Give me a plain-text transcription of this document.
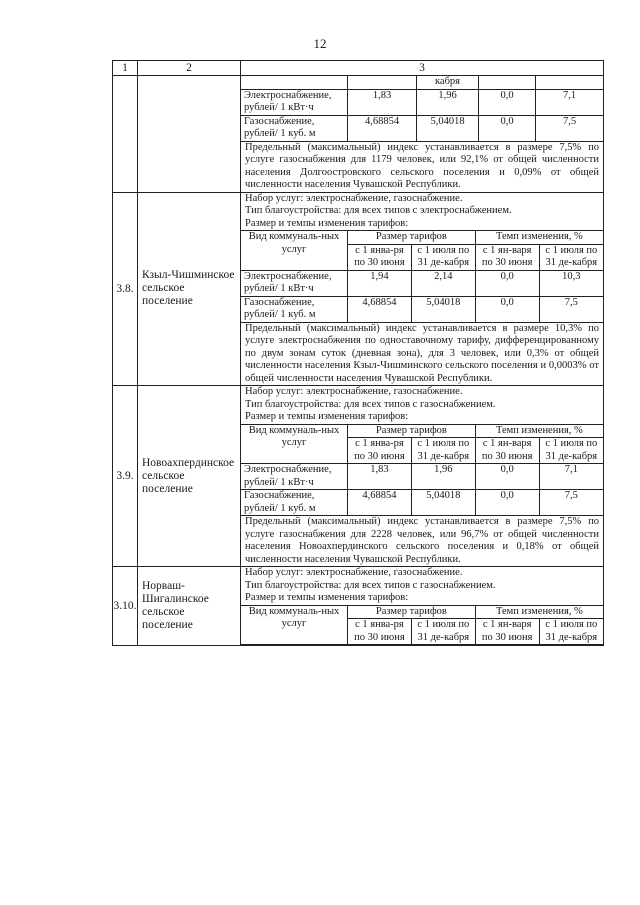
12
1	2	3

		кабря		
Электроснабжение, рублей/ 1 кВт·ч	1,83	1,96	0,0	7,1
Газоснабжение, рублей/ 1 куб. м	4,68854	5,04018	0,0	7,5
Предельный (максимальный) индекс устанавливается в размере 7,5% по услуге газоснабжения для 1179 человек, или 92,1% от общей численности населения Долгоостровского сельского поселения и 0,09% от общей численности населения Чувашской Республики.

3.8.	Кзыл-Чишминское сельское поселение	
Набор услуг: электроснабжение, газоснабжение.
Тип благоустройства: для всех типов с электроснабжением.
Размер и темпы изменения тарифов:
Вид коммуналь-ных услуг	Размер тарифов	Темп изменения, %
с 1 янва-ря по 30 июня	с 1 июля по 31 де-кабря	с 1 ян-варя по 30 июня	с 1 июля по 31 де-кабря
Электроснабжение, рублей/ 1 кВт·ч	1,94	2,14	0,0	10,3
Газоснабжение, рублей/ 1 куб. м	4,68854	5,04018	0,0	7,5
Предельный (максимальный) индекс устанавливается в размере 10,3% по услуге электроснабжения по одноставочному тарифу, дифференцированному по двум зонам суток (дневная зона), для 3 человек, или 0,3% от общей численности населения Кзыл-Чишминского сельского поселения и 0,0003% от общей численности населения Чувашской Республики.

3.9.	Новоахпердинское сельское поселение	
Набор услуг: электроснабжение, газоснабжение.
Тип благоустройства: для всех типов с газоснабжением.
Размер и темпы изменения тарифов:
Вид коммуналь-ных услуг	Размер тарифов	Темп изменения, %
с 1 янва-ря по 30 июня	с 1 июля по 31 де-кабря	с 1 ян-варя по 30 июня	с 1 июля по 31 де-кабря
Электроснабжение, рублей/ 1 кВт·ч	1,83	1,96	0,0	7,1
Газоснабжение, рублей/ 1 куб. м	4,68854	5,04018	0,0	7,5
Предельный (максимальный) индекс устанавливается в размере 7,5% по услуге газоснабжения для 2228 человек, или 96,7% от общей численности населения Новоахпердинского сельского поселения и 0,18% от общей численности населения Чувашской Республики.

3.10.	Норваш-Шигалинское сельское поселение	
Набор услуг: электроснабжение, газоснабжение.
Тип благоустройства: для всех типов с газоснабжением.
Размер и темпы изменения тарифов:
Вид коммуналь-ных услуг	Размер тарифов	Темп изменения, %
с 1 янва-ря по 30 июня	с 1 июля по 31 де-кабря	с 1 ян-варя по 30 июня	с 1 июля по 31 де-кабря
